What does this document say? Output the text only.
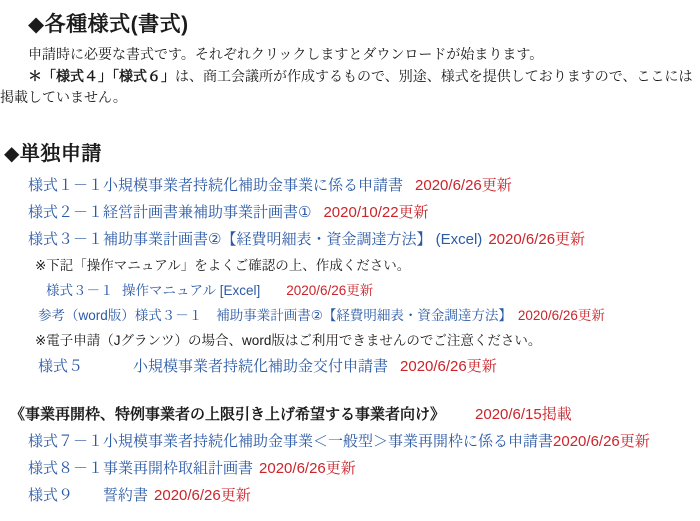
◆各種様式(書式)
申請時に必要な書式です。それぞれクリックしますとダウンロードが始まります。
＊「様式４」「様式６」は、商工会議所が作成するもので、別途、様式を提供しておりますので、ここには掲載していません。
◆単独申請
様式１－１小規模事業者持続化補助金事業に係る申請書 2020/6/26更新
様式２－１経営計画書兼補助事業計画書① 2020/10/22更新
様式３－１補助事業計画書②【経費明細表・資金調達方法】 (Excel) 2020/6/26更新
※下記「操作マニュアル」をよくご確認の上、作成ください。
様式３－１ 操作マニュアル [Excel] 2020/6/26更新
参考（word版）様式３－１ 補助事業計画書②【経費明細表・資金調達方法】 2020/6/26更新
※電子申請（Jグランツ）の場合、word版はご利用できませんのでご注意ください。
様式５	小規模事業者持続化補助金交付申請書 2020/6/26更新
《事業再開枠、特例事業者の上限引き上げ希望する事業者向け》 2020/6/15掲載
様式７－１小規模事業者持続化補助金事業＜一般型＞事業再開枠に係る申請書2020/6/26更新
様式８－１事業再開枠取組計画書 2020/6/26更新
様式９ 誓約書 2020/6/26更新
